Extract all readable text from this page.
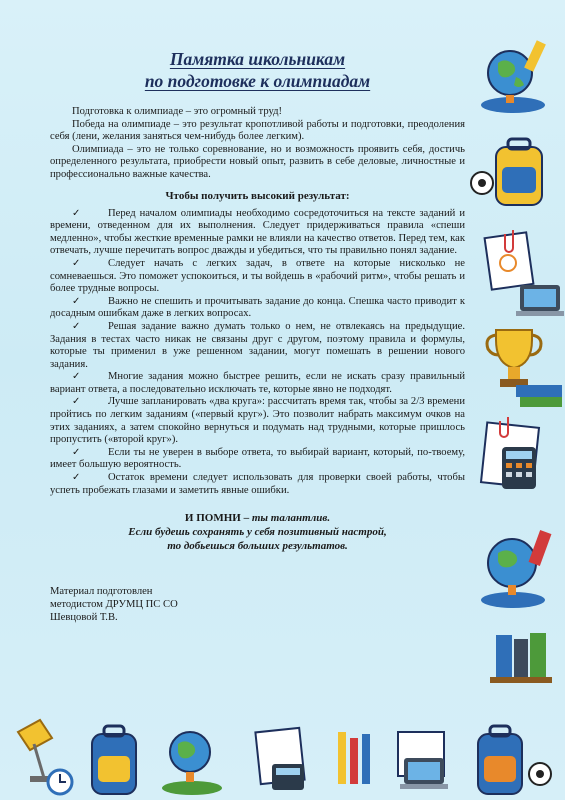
Памятка школьникам
по подготовке к олимпиадам

Подготовка к олимпиаде – это огромный труд!

Победа на олимпиаде – это результат кропотливой работы и подготовки, преодоления себя (лени, желания заняться чем-нибудь более легким).

Олимпиада – это не только соревнование, но и возможность проявить себя, достичь определенного результата, приобрести новый опыт, развить в себе деловые, личностные и профессионально важные качества.

Чтобы получить высокий результат:

✓	Перед началом олимпиады необходимо сосредоточиться на тексте заданий и времени, отведенном для их выполнения. Следует придерживаться правила «спеши медленно», чтобы жесткие временные рамки не влияли на качество ответов. Перед тем, как отвечать, лучше перечитать вопрос дважды и убедиться, что ты правильно понял задание.

✓	Следует начать с легких задач, в ответе на которые нисколько не сомневаешься. Это поможет успокоиться, и ты войдешь в «рабочий ритм», чтобы решать и более трудные вопросы.

✓	Важно не спешить и прочитывать задание до конца. Спешка часто приводит к досадным ошибкам даже в легких вопросах.

✓	Решая задание важно думать только о нем, не отвлекаясь на предыдущие. Задания в тестах часто никак не связаны друг с другом, поэтому правила и формулы, которые ты применил в уже решенном задании, могут помешать в решении нового задания.

✓	Многие задания можно быстрее решить, если не искать сразу правильный вариант ответа, а последовательно исключать те, которые явно не подходят.

✓	Лучше запланировать «два круга»: рассчитать время так, чтобы за 2/3 времени пройтись по легким заданиям («первый круг»). Это позволит набрать максимум очков на этих заданиях, а затем спокойно вернуться и подумать над трудными, которые пришлось пропустить («второй круг»).

✓	Если ты не уверен в выборе ответа, то выбирай вариант, который, по-твоему, имеет большую вероятность.

✓	Остаток времени следует использовать для проверки своей работы, чтобы успеть пробежать глазами и заметить явные ошибки.

И ПОМНИ – ты талантлив.
Если будешь сохранять у себя позитивный настрой,
то добьешься больших результатов.
Материал подготовлен
методистом ДРУМЦ ПС СО
Шевцовой Т.В.
